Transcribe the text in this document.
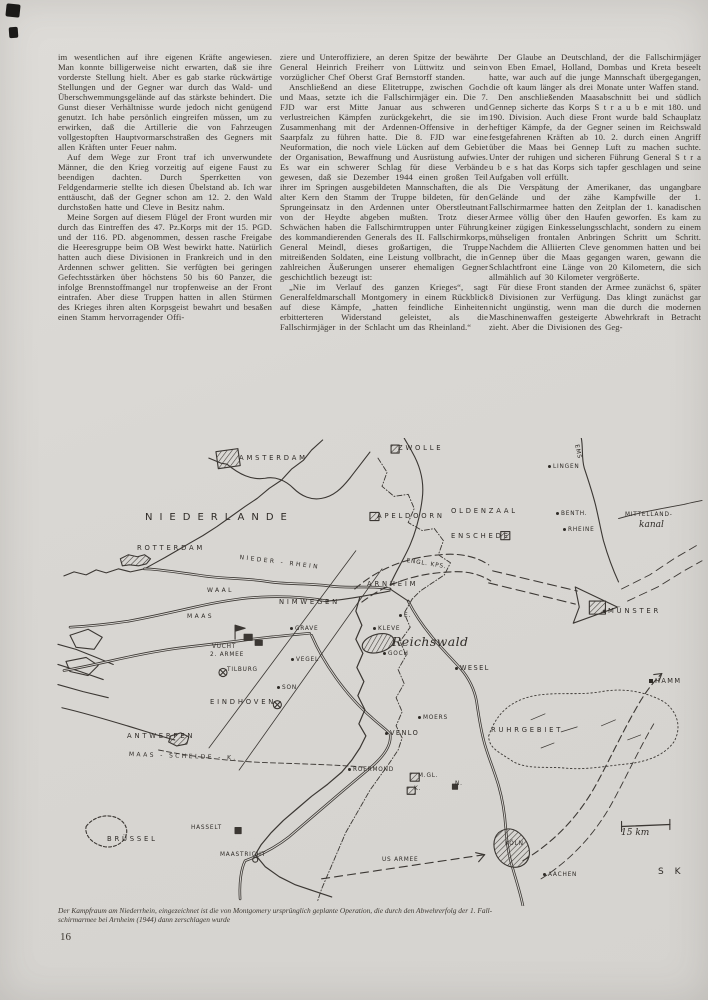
im wesentlichen auf ihre eigenen Kräfte angewiesen. Man konnte billigerweise nicht erwarten, daß sie ihre vorderste Stellung hielt. Aber es gab starke rückwärtige Stellungen und der Gegner war durch das Wald- und Überschwemmungsgelände auf das stärkste behindert. Die Gunst dieser Verhältnisse wurde jedoch nicht genügend genutzt. Ich habe persönlich eingreifen müssen, um zu erwirken, daß die Artillerie die von Fahrzeugen vollgestopften Hauptvormarschstraßen des Gegners mit allen Kräften unter Feuer nahm.

Auf dem Wege zur Front traf ich unverwundete Männer, die den Krieg vorzeitig auf eigene Faust zu beendigen dachten. Durch Sperrketten von Feldgendarmerie stellte ich diesen Übelstand ab. Ich war enttäuscht, daß der Gegner schon am 12. 2. den Wald durchstoßen hatte und Cleve in Besitz nahm.

Meine Sorgen auf diesem Flügel der Front wurden mir durch das Eintreffen des 47. Pz.Korps mit der 15. PGD. und der 116. PD. abgenommen, dessen rasche Freigabe die Heeresgruppe beim OB West bewirkt hatte. Natürlich hatten auch diese Divisionen in Frankreich und in den Ardennen schwer gelitten. Sie verfügten bei geringen Gefechtsstärken über höchstens 50 bis 60 Panzer, die infolge Brennstoffmangel nur tropfenweise an der Front eintrafen. Aber diese Truppen hatten in allen Stürmen des Krieges ihren alten Korpsgeist bewahrt und besaßen einen Stamm hervorragender Offi-

ziere und Unteroffiziere, an deren Spitze der bewährte General Heinrich Freiherr von Lüttwitz und sein vorzüglicher Chef Oberst Graf Bernstorff standen.

Anschließend an diese Elitetruppe, zwischen Goch und Maas, setzte ich die Fallschirmjäger ein. Die 7. FJD war erst Mitte Januar aus schweren und verlustreichen Kämpfen zurückgekehrt, die sie im Zusammenhang mit der Ardennen-Offensive in der Saarpfalz zu führen hatte. Die 8. FJD war eine Neuformation, die noch viele Lücken auf dem Gebiet der Organisation, Bewaffnung und Ausrüstung aufwies. Es war ein schwerer Schlag für diese Verbände gewesen, daß sie Dezember 1944 einen großen Teil ihrer im Springen ausgebildeten Mannschaften, die als alter Kern den Stamm der Truppe bildeten, für den Sprungeinsatz in den Ardennen unter Oberstleutnant von der Heydte abgeben mußten. Trotz dieser Schwächen haben die Fallschirmtruppen unter Führung des kommandierenden Generals des II. Fallschirmkorps, General Meindl, dieses großartigen, die Truppe mitreißenden Soldaten, eine Leistung vollbracht, die in zahlreichen Äußerungen unserer ehemaligen Gegner geschichtlich bezeugt ist:

„Nie im Verlauf des ganzen Krieges“, sagt Generalfeldmarschall Montgomery in einem Rückblick auf diese Kämpfe, „hatten feindliche Einheiten erbitterteren Widerstand geleistet, als die Fallschirmjäger in der Schlacht um das Rheinland.“

Der Glaube an Deutschland, der die Fallschirmjäger von Eben Emael, Holland, Dombas und Kreta beseelt hatte, war auch auf die junge Mannschaft übergegangen, die oft kaum länger als drei Monate unter Waffen stand.

Den anschließenden Maasabschnitt bei und südlich Gennep sicherte das Korps S t r a u b e mit 180. und 190. Division. Auch diese Front wurde bald Schauplatz heftiger Kämpfe, da der Gegner seinen im Reichswald festgefahrenen Kräften ab 10. 2. durch einen Angriff über die Maas bei Gennep Luft zu machen suchte. Unter der ruhigen und sicheren Führung General S t r a u b e s hat das Korps sich tapfer geschlagen und seine Aufgaben voll erfüllt.

Die Verspätung der Amerikaner, das ungangbare Gelände und der zähe Kampfwille der 1. Fallschirmarmee hatten den Zeitplan der 1. kanadischen Armee völlig über den Haufen geworfen. Es kam zu keiner zügigen Einkesselungsschlacht, sondern zu einem mühseligen frontalen Anbringen Schritt um Schritt. Nachdem die Alliierten Cleve genommen hatten und bei Gennep über die Maas gegangen waren, gewann die Schlachtfront eine Länge von 20 Kilometern, die sich allmählich auf 30 Kilometer vergrößerte.

Für diese Front standen der Armee zunächst 6, später 8 Divisionen zur Verfügung. Das klingt zunächst gar nicht ungünstig, wenn man die durch die modernen Maschinenwaffen gesteigerte Abwehrkraft in Betracht zieht. Aber die Divisionen des Geg-

AMSTERDAM
ZWOLLE
NIEDERLANDE
ROTTERDAM
NIEDER - RHEIN
WAAL
MAAS
APELDOORN
OLDENZAAL
ENSCHEDE
LINGEN
EMS
BENTH.
RHEINE
MITTELLAND-
kanal
ARNHEIM
ENGL. KPS.
NIMWEGEN
GRAVE
E.
KLEVE
Reichswald
GOCH
WESEL
VUCHT
2. ARMEE
TILBURG
VEGEL
SON
EINDHOVEN
VENLO
MOERS
RUHRGEBIET
MÜNSTER
HAMM
ANTWERPEN
MAAS - SCHELDE - K.
BRÜSSEL
HASSELT
MAASTRICHT
ROERMOND
M.GL.
K.
N.
KÖLN
US ARMEE
AACHEN
15 km
S K
Der Kampfraum am Niederrhein, eingezeichnet ist die von Montgomery ursprünglich geplante Operation, die durch den Abwehrerfolg der 1. Fall-
schirmarmee bei Arnheim (1944) dann zerschlagen wurde
16
